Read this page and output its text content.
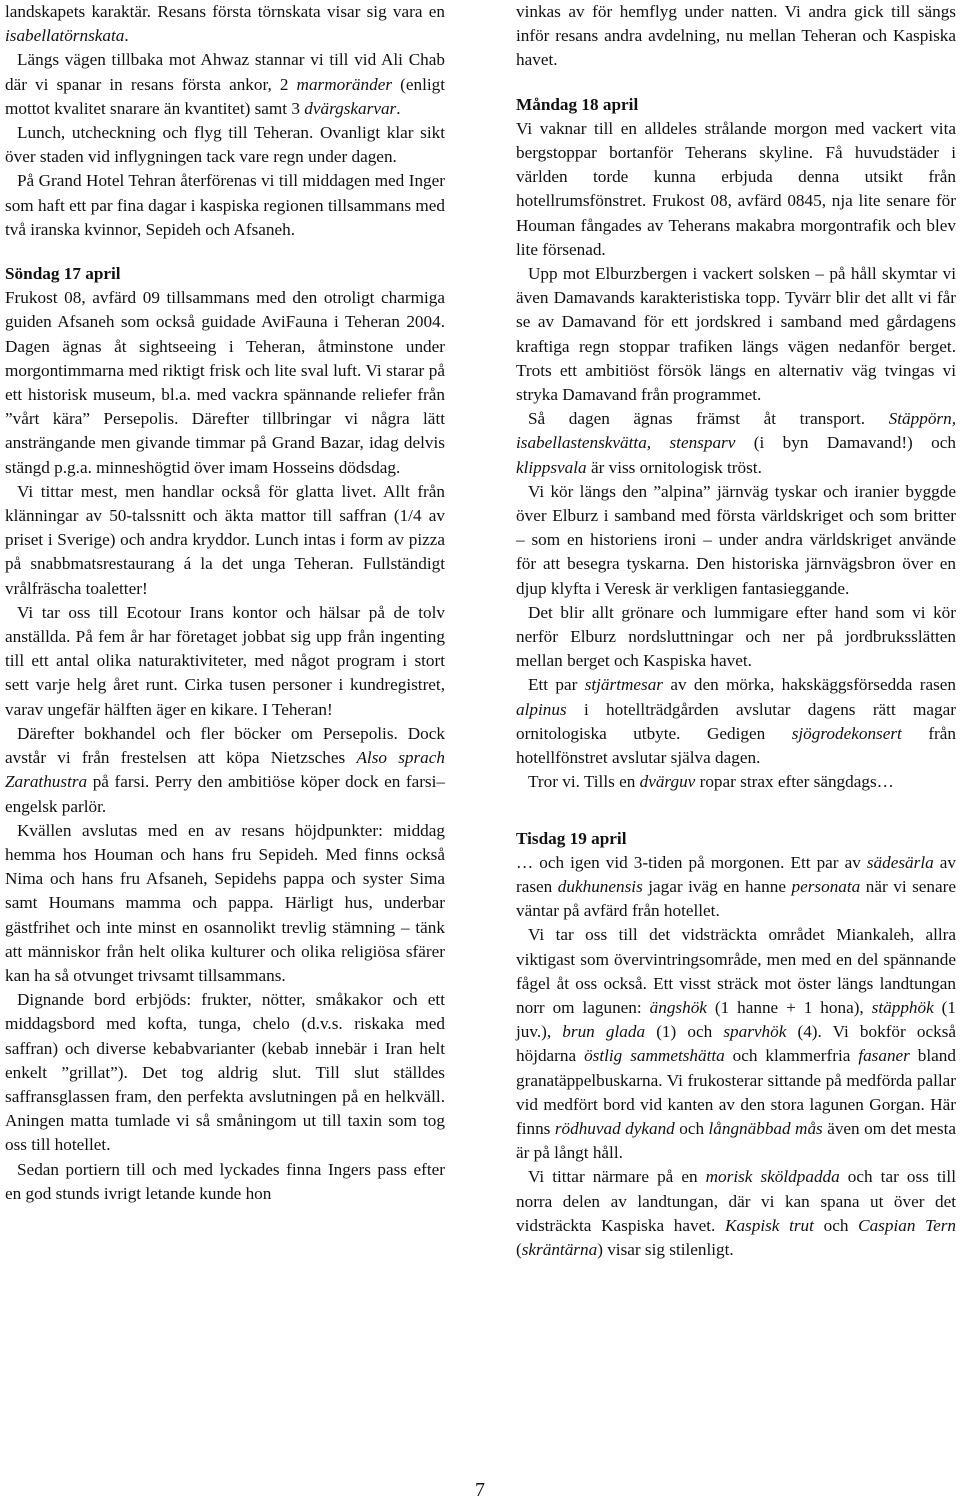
landskapets karaktär. Resans första törnskata visar sig vara en isabellatörnskata.

Längs vägen tillbaka mot Ahwaz stannar vi till vid Ali Chab där vi spanar in resans första ankor, 2 marmoränder (enligt mottot kvalitet snarare än kvantitet) samt 3 dvärgskarvar.

Lunch, utcheckning och flyg till Teheran. Ovanligt klar sikt över staden vid inflygningen tack vare regn under dagen.

På Grand Hotel Tehran återförenas vi till middagen med Inger som haft ett par fina dagar i kaspiska regionen tillsammans med två iranska kvinnor, Sepideh och Afsaneh.

Söndag 17 april

Frukost 08, avfärd 09 tillsammans med den otroligt charmiga guiden Afsaneh som också guidade AviFauna i Teheran 2004. Dagen ägnas åt sightseeing i Teheran, åtminstone under morgontimmarna med riktigt frisk och lite sval luft. Vi starar på ett historisk museum, bl.a. med vackra spännande reliefer från ”vårt kära” Persepolis. Därefter tillbringar vi några lätt ansträngande men givande timmar på Grand Bazar, idag delvis stängd p.g.a. minneshögtid över imam Hosseins dödsdag.

Vi tittar mest, men handlar också för glatta livet. Allt från klänningar av 50-talssnitt och äkta mattor till saffran (1/4 av priset i Sverige) och andra kryddor. Lunch intas i form av pizza på snabbmatsrestaurang á la det unga Teheran. Fullständigt vrålfräscha toaletter!

Vi tar oss till Ecotour Irans kontor och hälsar på de tolv anställda. På fem år har företaget jobbat sig upp från ingenting till ett antal olika naturaktiviteter, med något program i stort sett varje helg året runt. Cirka tusen personer i kundregistret, varav ungefär hälften äger en kikare. I Teheran!

Därefter bokhandel och fler böcker om Persepolis. Dock avstår vi från frestelsen att köpa Nietzsches Also sprach Zarathustra på farsi. Perry den ambitiöse köper dock en farsi–engelsk parlör.

Kvällen avslutas med en av resans höjdpunkter: middag hemma hos Houman och hans fru Sepideh. Med finns också Nima och hans fru Afsaneh, Sepidehs pappa och syster Sima samt Houmans mamma och pappa. Härligt hus, underbar gästfrihet och inte minst en osannolikt trevlig stämning – tänk att människor från helt olika kulturer och olika religiösa sfärer kan ha så otvunget trivsamt tillsammans.

Dignande bord erbjöds: frukter, nötter, småkakor och ett middagsbord med kofta, tunga, chelo (d.v.s. riskaka med saffran) och diverse kebabvarianter (kebab innebär i Iran helt enkelt ”grillat”). Det tog aldrig slut. Till slut ställdes saffransglassen fram, den perfekta avslutningen på en helkväll. Aningen matta tumlade vi så småningom ut till taxin som tog oss till hotellet.

Sedan portiern till och med lyckades finna Ingers pass efter en god stunds ivrigt letande kunde hon

vinkas av för hemflyg under natten. Vi andra gick till sängs inför resans andra avdelning, nu mellan Teheran och Kaspiska havet.

Måndag 18 april

Vi vaknar till en alldeles strålande morgon med vackert vita bergstoppar bortanför Teherans skyline. Få huvudstäder i världen torde kunna erbjuda denna utsikt från hotellrumsfönstret. Frukost 08, avfärd 0845, nja lite senare för Houman fångades av Teherans makabra morgontrafik och blev lite försenad.

Upp mot Elburzbergen i vackert solsken – på håll skymtar vi även Damavands karakteristiska topp. Tyvärr blir det allt vi får se av Damavand för ett jordskred i samband med gårdagens kraftiga regn stoppar trafiken längs vägen nedanför berget. Trots ett ambitiöst försök längs en alternativ väg tvingas vi stryka Damavand från programmet.

Så dagen ägnas främst åt transport. Stäppörn, isabellastenskvätta, stensparv (i byn Damavand!) och klippsvala är viss ornitologisk tröst.

Vi kör längs den ”alpina” järnväg tyskar och iranier byggde över Elburz i samband med första världskriget och som britter – som en historiens ironi – under andra världskriget använde för att besegra tyskarna. Den historiska järnvägsbron över en djup klyfta i Veresk är verkligen fantasieggande.

Det blir allt grönare och lummigare efter hand som vi kör nerför Elburz nordsluttningar och ner på jordbruksslätten mellan berget och Kaspiska havet.

Ett par stjärtmesar av den mörka, hakskäggsförsedda rasen alpinus i hotellträdgården avslutar dagens rätt magar ornitologiska utbyte. Gedigen sjögrodekonsert från hotellfönstret avslutar själva dagen.

Tror vi. Tills en dvärguv ropar strax efter sängdags…

Tisdag 19 april

… och igen vid 3-tiden på morgonen. Ett par av sädesärla av rasen dukhunensis jagar iväg en hanne personata när vi senare väntar på avfärd från hotellet.

Vi tar oss till det vidsträckta området Miankaleh, allra viktigast som övervintringsområde, men med en del spännande fågel åt oss också. Ett visst sträck mot öster längs landtungan norr om lagunen: ängshök (1 hanne + 1 hona), stäpphök (1 juv.), brun glada (1) och sparvhök (4). Vi bokför också höjdarna östlig sammetshätta och klammerfria fasaner bland granatäppelbuskarna. Vi frukosterar sittande på medförda pallar vid medfört bord vid kanten av den stora lagunen Gorgan. Här finns rödhuvad dykand och långnäbbad mås även om det mesta är på långt håll.

Vi tittar närmare på en morisk sköldpadda och tar oss till norra delen av landtungan, där vi kan spana ut över det vidsträckta Kaspiska havet. Kaspisk trut och Caspian Tern (skräntärna) visar sig stilenligt.

7
